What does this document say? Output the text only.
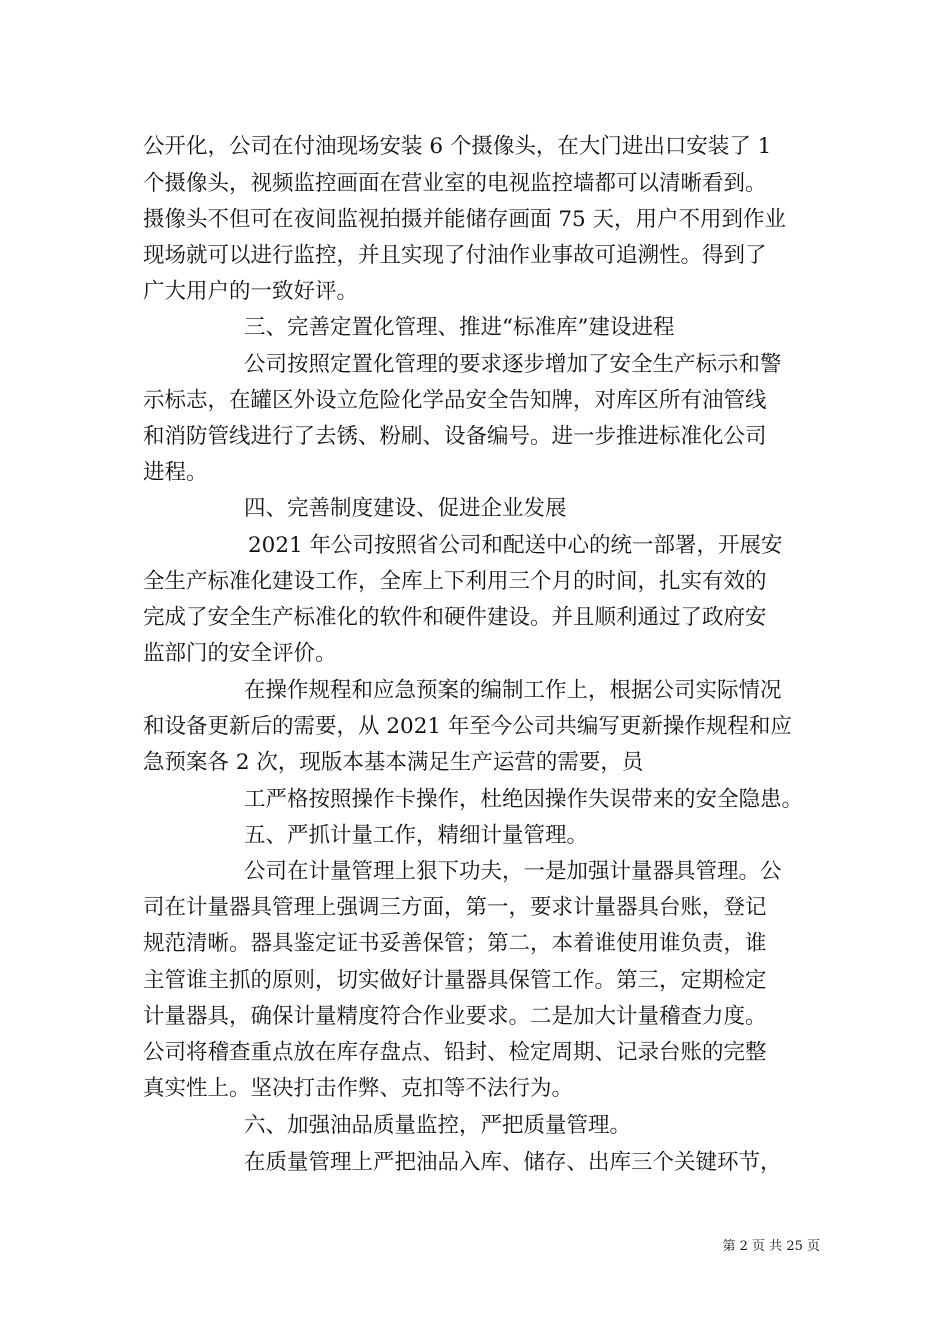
公开化，公司在付油现场安装 6 个摄像头，在大门进出口安装了 1
个摄像头，视频监控画面在营业室的电视监控墙都可以清晰看到。
摄像头不但可在夜间监视拍摄并能储存画面 75 天，用户不用到作业
现场就可以进行监控，并且实现了付油作业事故可追溯性。得到了
广大用户的一致好评。
三、完善定置化管理、推进“标准库”建设进程
公司按照定置化管理的要求逐步增加了安全生产标示和警
示标志，在罐区外设立危险化学品安全告知牌，对库区所有油管线
和消防管线进行了去锈、粉刷、设备编号。进一步推进标准化公司
进程。
四、完善制度建设、促进企业发展
2021 年公司按照省公司和配送中心的统一部署，开展安
全生产标准化建设工作，全库上下利用三个月的时间，扎实有效的
完成了安全生产标准化的软件和硬件建设。并且顺利通过了政府安
监部门的安全评价。
在操作规程和应急预案的编制工作上，根据公司实际情况
和设备更新后的需要，从 2021 年至今公司共编写更新操作规程和应
急预案各 2 次，现版本基本满足生产运营的需要，员
工严格按照操作卡操作，杜绝因操作失误带来的安全隐患。
五、严抓计量工作，精细计量管理。
公司在计量管理上狠下功夫，一是加强计量器具管理。公
司在计量器具管理上强调三方面，第一，要求计量器具台账，登记
规范清晰。器具鉴定证书妥善保管；第二，本着谁使用谁负责，谁
主管谁主抓的原则，切实做好计量器具保管工作。第三，定期检定
计量器具，确保计量精度符合作业要求。二是加大计量稽查力度。
公司将稽查重点放在库存盘点、铅封、检定周期、记录台账的完整
真实性上。坚决打击作弊、克扣等不法行为。
六、加强油品质量监控，严把质量管理。
在质量管理上严把油品入库、储存、出库三个关键环节，
第 2 页 共 25 页
